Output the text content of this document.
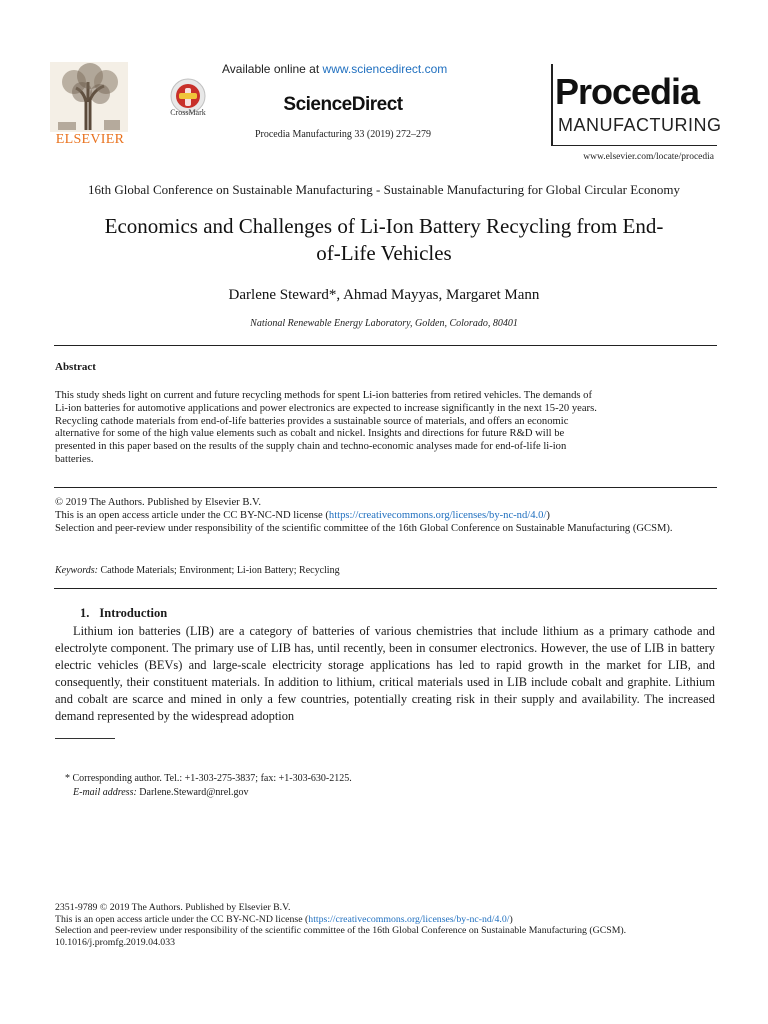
ELSEVIER
CrossMark
Available online at www.sciencedirect.com
ScienceDirect
Procedia Manufacturing 33 (2019) 272–279
Procedia
MANUFACTURING
www.elsevier.com/locate/procedia
16th Global Conference on Sustainable Manufacturing - Sustainable Manufacturing for Global Circular Economy
Economics and Challenges of Li-Ion Battery Recycling from End-
of-Life Vehicles
Darlene Steward*, Ahmad Mayyas, Margaret Mann
National Renewable Energy Laboratory, Golden, Colorado, 80401
Abstract
This study sheds light on current and future recycling methods for spent Li-ion batteries from retired vehicles. The demands of
Li-ion batteries for automotive applications and power electronics are expected to increase significantly in the next 15-20 years.
Recycling cathode materials from end-of-life batteries provides a sustainable source of materials, and offers an economic
alternative for some of the high value elements such as cobalt and nickel. Insights and directions for future R&D will be
presented in this paper based on the results of the supply chain and techno-economic analyses made for end-of-life li-ion
batteries.
© 2019 The Authors. Published by Elsevier B.V.
This is an open access article under the CC BY-NC-ND license (https://creativecommons.org/licenses/by-nc-nd/4.0/)
Selection and peer-review under responsibility of the scientific committee of the 16th Global Conference on Sustainable Manufacturing (GCSM).
Keywords: Cathode Materials; Environment; Li-ion Battery; Recycling
1. Introduction
Lithium ion batteries (LIB) are a category of batteries of various chemistries that include lithium as a primary cathode and electrolyte component. The primary use of LIB has, until recently, been in consumer electronics. However, the use of LIB in battery electric vehicles (BEVs) and large-scale electricity storage applications has led to rapid growth in the market for LIB, and consequently, their constituent materials. In addition to lithium, critical materials used in LIB include cobalt and graphite. Lithium and cobalt are scarce and mined in only a few countries, potentially creating risk in their supply and availability. The increased demand represented by the widespread adoption
* Corresponding author. Tel.: +1-303-275-3837; fax: +1-303-630-2125.
E-mail address: Darlene.Steward@nrel.gov
2351-9789 © 2019 The Authors. Published by Elsevier B.V.
This is an open access article under the CC BY-NC-ND license (https://creativecommons.org/licenses/by-nc-nd/4.0/)
Selection and peer-review under responsibility of the scientific committee of the 16th Global Conference on Sustainable Manufacturing (GCSM).
10.1016/j.promfg.2019.04.033
